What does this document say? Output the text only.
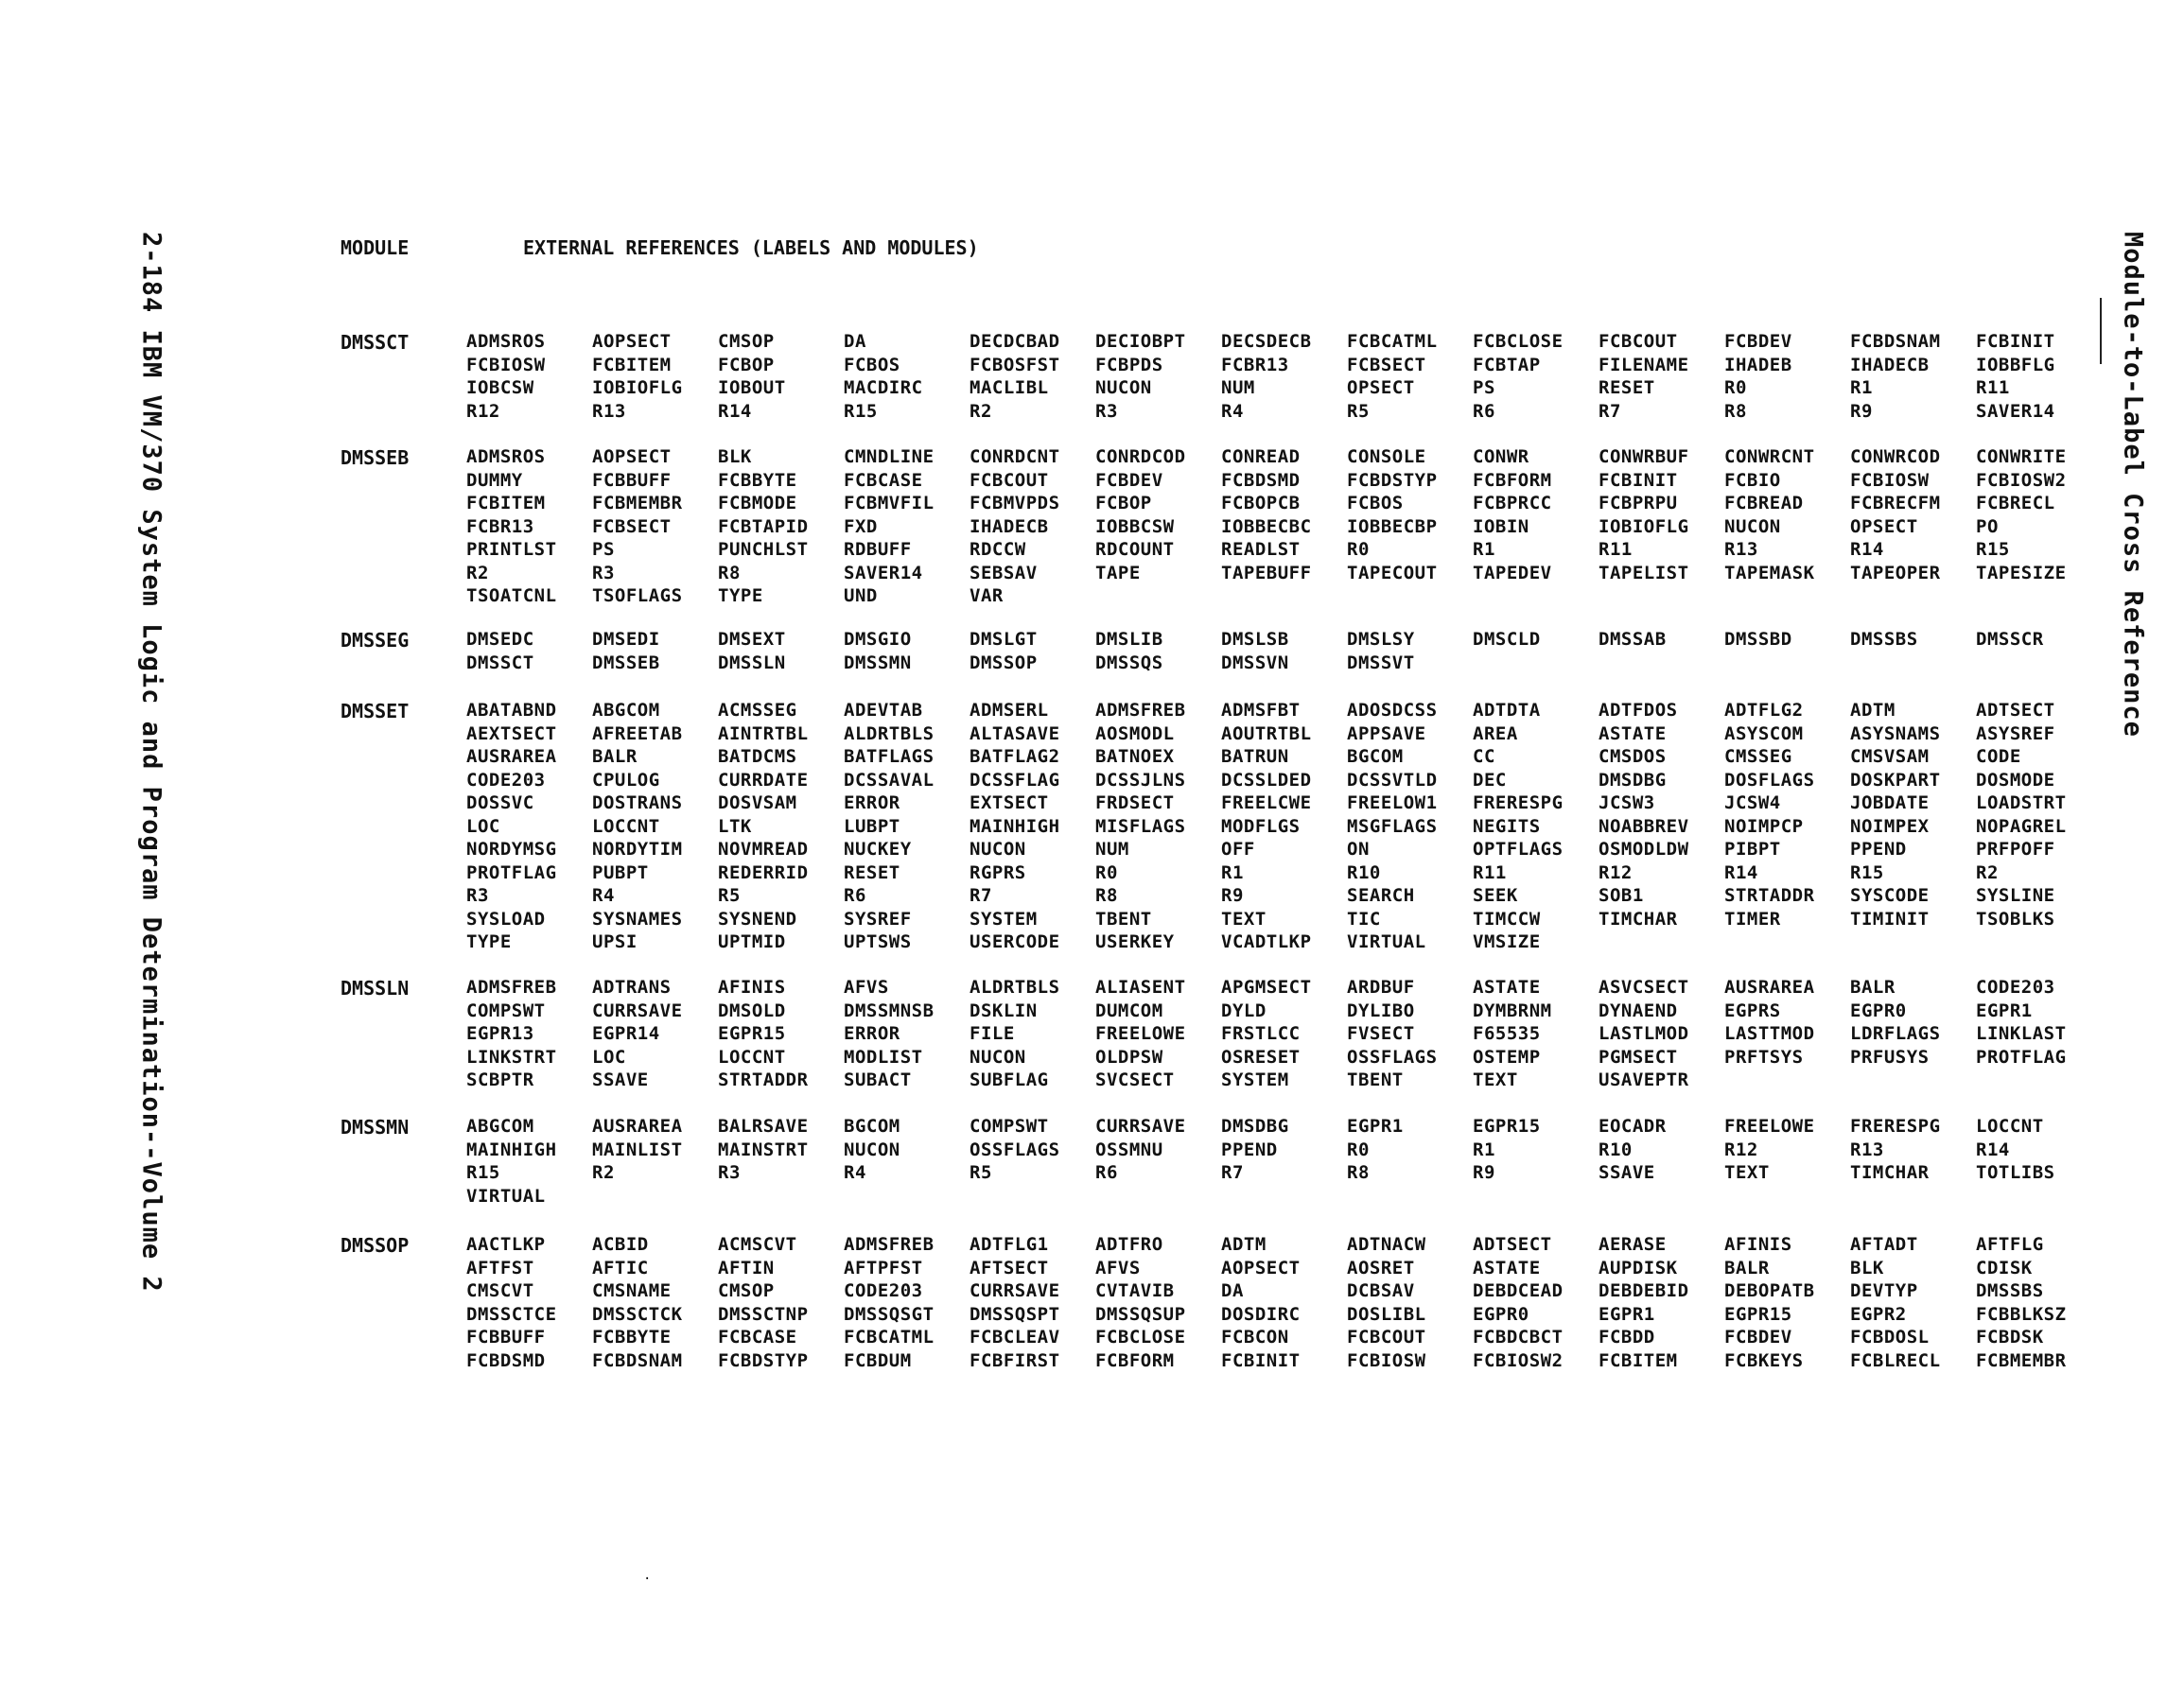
2-184 IBM VM/370 System Logic and Program Determination--Volume 2	Module-to-Label Cross Reference
MODULE	EXTERNAL REFERENCES (LABELS AND MODULES)
DMSSCT	ADMSROS	AOPSECT	CMSOP	DA	DECDCBAD	DECIOBPT	DECSDECB	FCBCATML	FCBCLOSE	FCBCOUT	FCBDEV	FCBDSNAM	FCBINIT
FCBIOSW	FCBITEM	FCBOP	FCBOS	FCBOSFST	FCBPDS	FCBR13	FCBSECT	FCBTAP	FILENAME	IHADEB	IHADECB	IOBBFLG
IOBCSW	IOBIOFLG	IOBOUT	MACDIRC	MACLIBL	NUCON	NUM	OPSECT	PS	RESET	R0	R1	R11
R12	R13	R14	R15	R2	R3	R4	R5	R6	R7	R8	R9	SAVER14
DMSSEB	ADMSROS	AOPSECT	BLK	CMNDLINE	CONRDCNT	CONRDCOD	CONREAD	CONSOLE	CONWR	CONWRBUF	CONWRCNT	CONWRCOD	CONWRITE
DUMMY	FCBBUFF	FCBBYTE	FCBCASE	FCBCOUT	FCBDEV	FCBDSMD	FCBDSTYP	FCBFORM	FCBINIT	FCBIO	FCBIOSW	FCBIOSW2
FCBITEM	FCBMEMBR	FCBMODE	FCBMVFIL	FCBMVPDS	FCBOP	FCBOPCB	FCBOS	FCBPRCC	FCBPRPU	FCBREAD	FCBRECFM	FCBRECL
FCBR13	FCBSECT	FCBTAPID	FXD	IHADECB	IOBBCSW	IOBBECBC	IOBBECBP	IOBIN	IOBIOFLG	NUCON	OPSECT	PO
PRINTLST	PS	PUNCHLST	RDBUFF	RDCCW	RDCOUNT	READLST	R0	R1	R11	R13	R14	R15
R2	R3	R8	SAVER14	SEBSAV	TAPE	TAPEBUFF	TAPECOUT	TAPEDEV	TAPELIST	TAPEMASK	TAPEOPER	TAPESIZE
TSOATCNL	TSOFLAGS	TYPE	UND	VAR
DMSSEG	DMSEDC	DMSEDI	DMSEXT	DMSGIO	DMSLGT	DMSLIB	DMSLSB	DMSLSY	DMSCLD	DMSSAB	DMSSBD	DMSSBS	DMSSCR
DMSSCT	DMSSEB	DMSSLN	DMSSMN	DMSSOP	DMSSQS	DMSSVN	DMSSVT
DMSSET	ABATABND	ABGCOM	ACMSSEG	ADEVTAB	ADMSERL	ADMSFREB	ADMSFBT	ADOSDCSS	ADTDTA	ADTFDOS	ADTFLG2	ADTM	ADTSECT
AEXTSECT	AFREETAB	AINTRTBL	ALDRTBLS	ALTASAVE	AOSMODL	AOUTRTBL	APPSAVE	AREA	ASTATE	ASYSCOM	ASYSNAMS	ASYSREF
AUSRAREA	BALR	BATDCMS	BATFLAGS	BATFLAG2	BATNOEX	BATRUN	BGCOM	CC	CMSDOS	CMSSEG	CMSVSAM	CODE
CODE203	CPULOG	CURRDATE	DCSSAVAL	DCSSFLAG	DCSSJLNS	DCSSLDED	DCSSVTLD	DEC	DMSDBG	DOSFLAGS	DOSKPART	DOSMODE
DOSSVC	DOSTRANS	DOSVSAM	ERROR	EXTSECT	FRDSECT	FREELCWE	FREELOW1	FRERESPG	JCSW3	JCSW4	JOBDATE	LOADSTRT
LOC	LOCCNT	LTK	LUBPT	MAINHIGH	MISFLAGS	MODFLGS	MSGFLAGS	NEGITS	NOABBREV	NOIMPCP	NOIMPEX	NOPAGREL
NORDYMSG	NORDYTIM	NOVMREAD	NUCKEY	NUCON	NUM	OFF	ON	OPTFLAGS	OSMODLDW	PIBPT	PPEND	PRFPOFF
PROTFLAG	PUBPT	REDERRID	RESET	RGPRS	R0	R1	R10	R11	R12	R14	R15	R2
R3	R4	R5	R6	R7	R8	R9	SEARCH	SEEK	SOB1	STRTADDR	SYSCODE	SYSLINE
SYSLOAD	SYSNAMES	SYSNEND	SYSREF	SYSTEM	TBENT	TEXT	TIC	TIMCCW	TIMCHAR	TIMER	TIMINIT	TSOBLKS
TYPE	UPSI	UPTMID	UPTSWS	USERCODE	USERKEY	VCADTLKP	VIRTUAL	VMSIZE
DMSSLN	ADMSFREB	ADTRANS	AFINIS	AFVS	ALDRTBLS	ALIASENT	APGMSECT	ARDBUF	ASTATE	ASVCSECT	AUSRAREA	BALR	CODE203
COMPSWT	CURRSAVE	DMSOLD	DMSSMNSB	DSKLIN	DUMCOM	DYLD	DYLIBO	DYMBRNM	DYNAEND	EGPRS	EGPR0	EGPR1
EGPR13	EGPR14	EGPR15	ERROR	FILE	FREELOWE	FRSTLCC	FVSECT	F65535	LASTLMOD	LASTTMOD	LDRFLAGS	LINKLAST
LINKSTRT	LOC	LOCCNT	MODLIST	NUCON	OLDPSW	OSRESET	OSSFLAGS	OSTEMP	PGMSECT	PRFTSYS	PRFUSYS	PROTFLAG
SCBPTR	SSAVE	STRTADDR	SUBACT	SUBFLAG	SVCSECT	SYSTEM	TBENT	TEXT	USAVEPTR
DMSSMN	ABGCOM	AUSRAREA	BALRSAVE	BGCOM	COMPSWT	CURRSAVE	DMSDBG	EGPR1	EGPR15	EOCADR	FREELOWE	FRERESPG	LOCCNT
MAINHIGH	MAINLIST	MAINSTRT	NUCON	OSSFLAGS	OSSMNU	PPEND	R0	R1	R10	R12	R13	R14
R15	R2	R3	R4	R5	R6	R7	R8	R9	SSAVE	TEXT	TIMCHAR	TOTLIBS
VIRTUAL
DMSSOP	AACTLKP	ACBID	ACMSCVT	ADMSFREB	ADTFLG1	ADTFRO	ADTM	ADTNACW	ADTSECT	AERASE	AFINIS	AFTADT	AFTFLG
AFTFST	AFTIC	AFTIN	AFTPFST	AFTSECT	AFVS	AOPSECT	AOSRET	ASTATE	AUPDISK	BALR	BLK	CDISK
CMSCVT	CMSNAME	CMSOP	CODE203	CURRSAVE	CVTAVIB	DA	DCBSAV	DEBDCEAD	DEBDEBID	DEBOPATB	DEVTYP	DMSSBS
DMSSCTCE	DMSSCTCK	DMSSCTNP	DMSSQSGT	DMSSQSPT	DMSSQSUP	DOSDIRC	DOSLIBL	EGPR0	EGPR1	EGPR15	EGPR2	FCBBLKSZ
FCBBUFF	FCBBYTE	FCBCASE	FCBCATML	FCBCLEAV	FCBCLOSE	FCBCON	FCBCOUT	FCBDCBCT	FCBDD	FCBDEV	FCBDOSL	FCBDSK
FCBDSMD	FCBDSNAM	FCBDSTYP	FCBDUM	FCBFIRST	FCBFORM	FCBINIT	FCBIOSW	FCBIOSW2	FCBITEM	FCBKEYS	FCBLRECL	FCBMEMBR
·
